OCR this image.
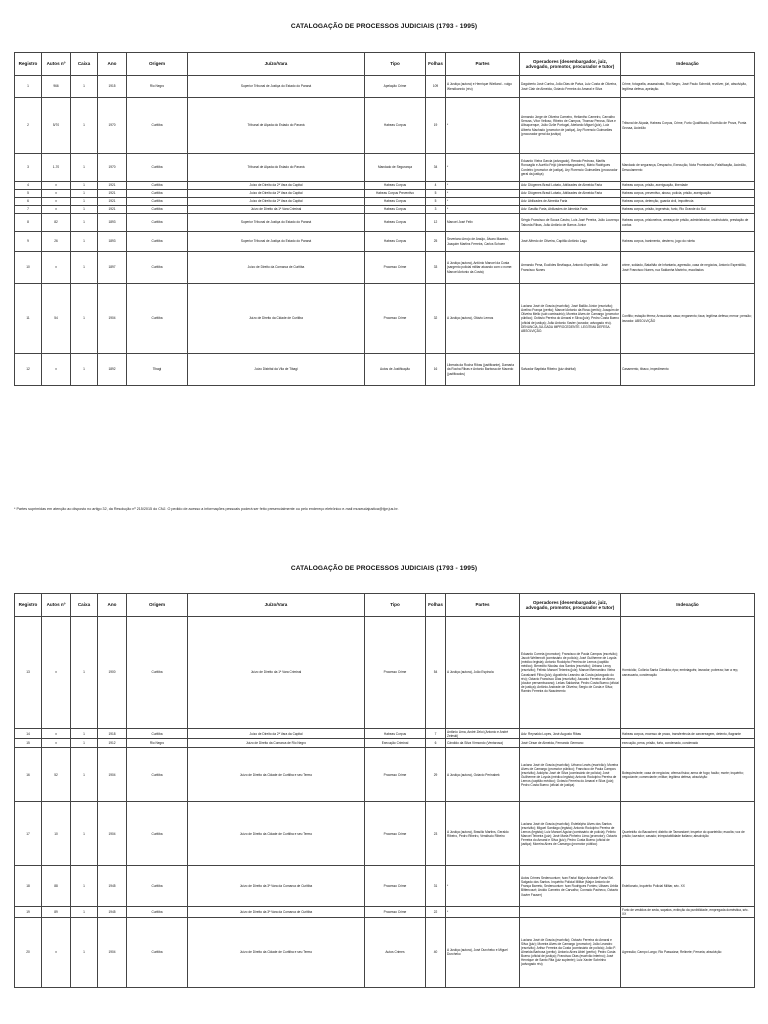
CATALOGAÇÃO DE PROCESSOS JUDICIAIS (1793 - 1995)
Registro	Autos nº	Caixa	Ano	Origem	Juízo/Vara	Tipo	Folhas	Partes	Operadores (desembargador, juiz, advogado, promotor, procurador e tutor)	Indexação
1	966	1	1915	Rio Negro	Superior Tribunal de Justiça do Estado do Paraná	Apelação Crime	109	A Justiça (autora) e Henrique Wielland - vulgo Wendkonrdo (réu)	Dagoberto José Cunha, João Dias de Paiva, Luiz Costa de Oliveira, José Clair de Almeida, Octavio Ferreira do Amaral e Silva	Crime, fotografia, assassinato, Rio Negro, José Paulo Schmidt, revólver, júri, absolvição, legítima defesa, apelação.
2	5/70	1	1970	Curitiba	Tribunal de Alçada do Estado do Paraná	Habeas Corpus	19	*	Armando Jorge de Oliveira Carneiro, Heliantho Carneiro, Carvalho Senuss, Vítor Velloso, Ribeiro de Campos, Thomaz Perosa, Silva e Albuquerque, João Ozõe Portugal, Abelardo Miguel (juiz), Luiz Alberto Machado (promotor de justiça), Ary Florencio Guimarães (procurador geral da justiça)	Tribunal de Alçada, Habeas Corpus, Crime, Furto Qualificado, Escrivão de Prova, Ponta Grossa, Acórdão
3	1-70	1	1970	Curitiba	Tribunal de Alçada do Estado do Paraná	Mandado de Segurança	34	*	Eduardo Vieira Garcia (advogado), Renato Pedroso, Marilis Roncaglio e Aurélio Feijó (desembargadores), Mário Rodrigues Cordeiro (promotor de justiça), Ary Florencio Guimarães (procurador geral da justiça)	Mandado de segurança, Despacho, Execução, Nota Promissória, Falsificação, Acórdão, Desculamento
4	x	1	1921	Curitiba	Juízo de Direito da 2ª Vara da Capital	Habeas Corpus	4	*	Adv. Diógenes Brasil Lobato, Abilizades de Almeida Faria	Habeas corpus, prisão, averiguação, liberdade
5	x	1	1921	Curitiba	Juízo de Direito da 2ª Vara da Capital	Habeas Corpus Preventivo	5	*	Adv. Diógenes Brasil Lobato, Abilizades de Almeida Faria	Habeas corpus, preventivo, abuso, polícia, prisão, averiguação
6	x	1	1921	Curitiba	Juízo de Direito da 2ª Vara da Capital	Habeas Corpus	5	*	Adv. Abilizades de Almeida Faria	Habeas corpus, detenção, guarda civil, impotência
7	x	1	1921	Curitiba	Juízo de Direito da 1ª Vara Criminal	Habeas Corpus	3	*	Adv. Gastão Faria, Abilizades de Almeida Faria	Habeas corpus, prisão, ingenésio, furto, Rio Grande do Sul
8	82	1	1893	Curitiba	Superior Tribunal de Justiça do Estado do Paraná	Habeas Corpus	12	Manoel José Felix	Sérgio Francisco de Souza Castro, Luís José Pereira, João Lourenço Taborda Ribas, João Antônio de Barros Júnior	Habeas corpus, prisioneiros, ameaça de prisão, administrador, usufrutuário, prestação de contas
9	26	1	1893	Curitiba	Superior Tribunal de Justiça do Estado do Paraná	Habeas Corpus	25	Severiano Arrojo de Araújo, Álvaro Macedo, Joaquim Martins Ferreira, Carlos Schoen	José Alfredo de Oliveira, Capitão Antônio Lago	Habeas corpus, banimento, desterro, jogo do roleta
10	x	1	1897	Curitiba	Juízo de Direito da Comarca de Curitiba	Processo Crime	33	A Justiça (autora), Antônio Manoel da Costa (sargento policial militar atuando com o nome: Manoel Antonio da Costa)	Armando Pena, Euclides Bevilaqua, Antonio Esperidião, José Francisco Nunes	crime, soldado, Batalhão de Infantaria, agressão, casa de negócios, Antonio Esperidião, José Francisco Nunes, rua Saldanha Marinho, escoltados
11	54	1	1904	Curitiba	Juízo de Direito da Cidade de Curitiba	Processo Crime	32	A Justiça (autora), Otávio Lemos	Luciano José de Gracia (escrivão); José Bailão Júnior (escrivão); Avelino França (perito); Manoel Antonio da Rosa (perito); Joaquim de Oliveira Mello (sub comissário); Moreira Alves de Camargo (promotor público); Octávio Pereira do Amaral e Silva (juiz); Pedro Costa Bueno (oficial de justiça); João Antonio Xavier (curador, advogado réu). DENUNCIA JULGADA IMPROCEDENTE. LEGITIMA DEFESA. ABSOLVIÇÃO.	Conflito; estação férrea; Arraucária; casa; enganento; faca; legítima defesa; menor; pensão; lavrador. ABSOLVIÇÃO
12	x	1	1892	Tibagi	Juízo Distrital da Vila de Tibagi	Autos de Justificação	16	Liberata da Rocha Ribas (justificante), Damaria da Rocha Ribas e Antonio Barbosa de Macedo (justificados)	Salvador Baptista Ribeiro (juiz distrital)	Casamento, tibaco, impedimento
* Partes suprimidas em atenção ao disposto no artigo 32, da Resolução nº 215/2015 do CNJ. O pedido de acesso a informações pessoais poderá ser feito presencialmente ou pelo endereço eletrônico e-mail museudajustica@tjpr.jus.br.
CATALOGAÇÃO DE PROCESSOS JUDICIAIS (1793 - 1995)
Registro	Autos nº	Caixa	Ano	Origem	Juízo/Vara	Tipo	Folhas	Partes	Operadores (desembargador, juiz, advogado, promotor, procurador e tutor)	Indexação
13	x	1	1900	Curitiba	Juízo de Direito da 1ª Vara Criminal	Processo Crime	54	A Justiça (autora), João Espinola	Eduardo Correia (promotor); Francisco de Paula Campos (escrivão); Jacob Weltenrott (comissário de polícia); José Guilherme de Loyola (médico legista); Antonio Rodolpho Pereira de Lemos (capitão médico); Benedito Nicolau dos Santos (escrivão); Urbano Leroy (escrivão); Felinto Manoel Teixeira (juiz); Manoel Bernardino Vieira Cavalcanti Filho (juiz); Agostinho Leandro da Costa (advogado do réu); Octavio Francisco Dias (escrivão); Ascanio Ferreira de Abreu (doutor pernambucano); Leôas Saldanha; Pedro Costa Bueno (oficial de justiça); Antônio Andrade de Oliveira; Sergio de Costa e Silva; Ramiro Ferreira do Nascimento	Homicídio; Colônia Santa Cândida; ripa; embriaguês; lavrador; pobreza; bar a rep, carrascaria, condenação
14	x	1	1918	Curitiba	Juízo de Direito da 2ª Vara da Capital	Habeas Corpus	7	Antônio Lima, André Zeloi (Antonio e André Zeleski)	Adv. Reynaldo Lopes, José Augusto Ribas	Habeas corpus, excesso de prazo, transferência de carcereagem, detento, flagrante
15	x	1	1912	Rio Negro	Juízo de Direito da Comarca de Rio Negro	Execução Criminal	6	Cândido da Silva Virmondo (Ventarosa)	José César de Almeida, Fernando Germano	execução, pena, prisão, furto, condenado, condenado
16	52	1	1904	Curitiba	Juízo de Direito da Cidade de Curitiba e seu Termo	Processo Crime	29	A Justiça (autora), Octavio Perinabek	Luciano José de Gracia (escrivão); Urbano Lewis (escrivão); Moreira Alves de Camargo (promotor público); Francisco de Paula Campos (escrivão); Adolpho José de Silva (comissário de polícia); José Guilherme de Loyola (médico legista); Antonio Rodolpho Pereira de Lemos (capitão médico); Octavio Ferreira do Amaral e Silva (juiz); Pedro Costa Bueno (oficial de justiça)	Botequim/ante; casa de negócios; ofensa física; arma de fogo; facão; morte; inquérito; negociante; comerciante; militar; legítima defesa; absolvição
17	10	1	1904	Curitiba	Juízo de Direito da Cidade de Curitiba e seu Termo	Processo Crime	23	A Justiça (autora), Brasílio Martins, Geraldo Ribeiro, Pedro Ribeiro, Veraliscio Ribeiro	Luciano José de Gracia (escrivão); Estefalpho Alves dos Santos (escrivão); Miguel Santiago (legista); Antonio Rodolpho Pereira de Lemos (legista); Luiz Manoel Aguiar (comissário de polícia); Felinto Manoel Teixeira (juiz); José Maria Pinheiro Lima (promotor); Octavio Ferreira do Amaral e Silva (juiz); Pedro Costa Bueno (oficial de justiça); Moreira Alves de Camargo (promotor público)	Quarteirão do Bacacheri; distrito de Tamandaré; inspetor do quarteirão; escolta; voz de prisão; lavrador; casado; inimputabilidade italiano; absolvição
18	88	1	1945	Curitiba	Juízo de Direito da 3ª Vara da Comarca de Curitiba	Processo Crime	31	*	Autos Crimes Sedenuorium; Ivan Faria/ Major Andrade Faria/ Sel. Salgado dos Santos. Inquérito Policial Militar (Major Antonio de França Barreto, Sedenuorium: Ivan Rodrigues Fontes; Ulisses Urbila Bittencourt; Aroldo Carneiro de Carvalho; Conrado Pacheco, Octavio Xavier Fauser)	Estelionato, Inquérito Policial Militar, séc. XX
19	89	1	1945	Curitiba	Juízo de Direito da 3ª Vara da Comarca de Curitiba	Processo Crime	22	*		Furto de vestidos de seda, sapatos, extinção da punibilidade, empregada doméstica, séc. XX
20	x	1	1904	Curitiba	Juízo de Direito da Cidade de Curitiba e seu Termo	Autos Crimes	40	A Justiça (autora), José Durcheko e Miguel Durcheko	Luciano José de Gracia (escrivão); Octavio Ferreira do Amaral e Silva (juiz); Moreira Alves de Camargo (promotor); João Leandro (escrivão); Arthur Ferreira da Costa (comissário de polícia); João P. Almeida Barbosa (perito); Antonio Alves Abiel (perito); Pedro Costa Bueno (oficial de justiça); Francisco Dias (escrivão interino); José Henrique de Santo Rita (juiz suplente); Luiz Xavier Sobrinho (advogado réu)	Agressão; Campo Largo; Rio Passaúna; Relinete; Ferraria; absolvição
